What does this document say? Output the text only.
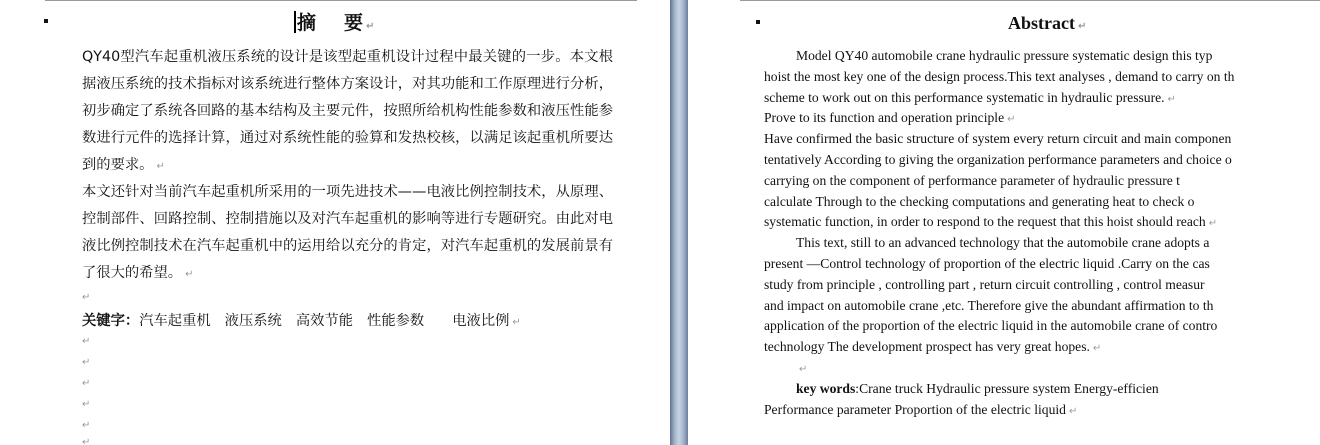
摘 要 ↵
QY40型汽车起重机液压系统的设计是该型起重机设计过程中最关键的一步。本文根据液压系统的技术指标对该系统进行整体方案设计，对其功能和工作原理进行分析，初步确定了系统各回路的基本结构及主要元件，按照所给机构性能参数和液压性能参数进行元件的选择计算，通过对系统性能的验算和发热校核，以满足该起重机所要达到的要求。 ↵
本文还针对当前汽车起重机所采用的一项先进技术——电液比例控制技术，从原理、控制部件、回路控制、控制措施以及对汽车起重机的影响等进行专题研究。由此对电液比例控制技术在汽车起重机中的运用给以充分的肯定，对汽车起重机的发展前景有了很大的希望。 ↵
↵
关键字：汽车起重机 液压系统 高效节能 性能参数 电液比例 ↵
↵
↵
↵
↵
↵
↵
Abstract ↵
Model QY40 automobile crane hydraulic pressure systematic design this typ
hoist the most key one of the design process.This text analyses , demand to carry on th
scheme to work out on this performance systematic in hydraulic pressure. ↵
Prove to its function and operation principle ↵
Have confirmed the basic structure of system every return circuit and main componen
tentatively According to giving the organization performance parameters and choice o
carrying on the component of performance parameter of hydraulic pressure t
calculate Through to the checking computations and generating heat to check o
systematic function, in order to respond to the request that this hoist should reach ↵
This text, still to an advanced technology that the automobile crane adopts a
present —Control technology of proportion of the electric liquid .Carry on the cas
study from principle , controlling part , return circuit controlling , control measur
and impact on automobile crane ,etc. Therefore give the abundant affirmation to th
application of the proportion of the electric liquid in the automobile crane of contro
technology The development prospect has very great hopes. ↵
↵
key words:Crane truck Hydraulic pressure system Energy-efficien
Performance parameter Proportion of the electric liquid ↵
